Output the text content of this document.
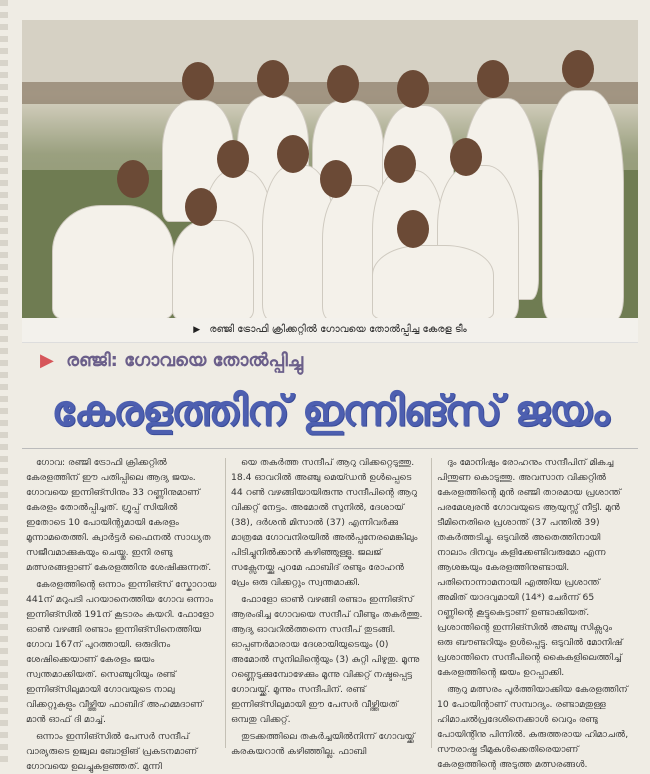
▶ രഞ്ജി ട്രോഫി ക്രിക്കറ്റിൽ ഗോവയെ തോൽപ്പിച്ച കേരള ടീം
▶ രഞ്ജി: ഗോവയെ തോൽപ്പിച്ചു
കേരളത്തിന് ഇന്നിങ്സ് ജയം

ഗോവ: രഞ്ജി ട്രോഫി ക്രിക്കറ്റിൽ കേരളത്തിന് ഈ പതിപ്പിലെ ആദ്യ ജയം. ഗോവയെ ഇന്നിങ്സിനും 33 റണ്ണിനുമാണ് കേരളം തോൽപ്പിച്ചത്. ഗ്രൂപ്പ് സിയിൽ ഇതോടെ 10 പോയിന്റുമായി കേരളം മൂന്നാമതെത്തി. ക്വാർട്ടർ ഫൈനൽ സാധ്യത സജീവമാക്കുകയും ചെയ്തു. ഇനി രണ്ടു മത്സരങ്ങളാണ് കേരളത്തിനു ശേഷിക്കുന്നത്.

കേരളത്തിന്റെ ഒന്നാം ഇന്നിങ്സ് സ്കോറായ 441ന് മറുപടി പറയാനെത്തിയ ഗോവ ഒന്നാം ഇന്നിങ്സിൽ 191ന് കൂടാരം കയറി. ഫോളോ ഓൺ വഴങ്ങി രണ്ടാം ഇന്നിങ്സിനെത്തിയ ഗോവ 167ന് പുറത്തായി. ഒരുദിനം ശേഷിക്കെയാണ് കേരളം ജയം സ്വന്തമാക്കിയത്. സെഞ്ചുറിയും രണ്ട് ഇന്നിങ്സിലുമായി ഗോവയുടെ നാലു വിക്കറ്റുകളും വീഴ്ത്തിയ ഫാബിദ് അഹമ്മദാണ് മാൻ ഓഫ് ദി മാച്ച്.

ഒന്നാം ഇന്നിങ്സിൽ പേസർ സന്ദീപ് വാര്യരുടെ ഉജ്വല ബോളിങ് പ്രകടനമാണ് ഗോവയെ ഉലച്ചുകളഞ്ഞത്. മുന്നി

യെ തകർത്ത സന്ദീപ് ആറു വിക്കറ്റെടുത്തു. 18.4 ഓവറിൽ അഞ്ചു മെയ്ഡൻ ഉൾപ്പെടെ 44 റൺ വഴങ്ങിയായിരുന്നു സന്ദീപിന്റെ ആറു വിക്കറ്റ് നേട്ടം. അമോൽ സുനിൽ, ദേശായ് (38), ദർശൻ മിസാൽ (37) എന്നിവർക്കു മാത്രമേ ഗോവനിരയിൽ അൽപ്പനേരമെങ്കിലും പിടിച്ചുനിൽക്കാൻ കഴിഞ്ഞുള്ളൂ. ജലജ് സക്സേനയ്ക്കു പുറമേ ഫാബിദ് രണ്ടും രോഹൻ പ്രേം ഒരു വിക്കറ്റും സ്വന്തമാക്കി.

ഫോളോ ഓൺ വഴങ്ങി രണ്ടാം ഇന്നിങ്സ് ആരംഭിച്ച ഗോവയെ സന്ദീപ് വീണ്ടും തകർത്തു. ആദ്യ ഓവറിൽത്തന്നെ സന്ദീപ് തുടങ്ങി. ഓപ്പണർമാരായ ദേശായിയുടെയും (0) അമോൽ സുനിലിന്റെയും (3) കുറ്റി പിഴുതു. മൂന്നു റണ്ണെടുക്കുമ്പോഴേക്കും മൂന്നു വിക്കറ്റ് നഷ്ടപ്പെട്ട ഗോവയ്ക്ക്. മൂന്നും സന്ദീപിന്. രണ്ട് ഇന്നിങ്സിലുമായി ഈ പേസർ വീഴ്ത്തിയത് ഒമ്പതു വിക്കറ്റ്.

തുടക്കത്തിലെ തകർച്ചയിൽനിന്ന് ഗോവയ്ക്ക് കരകയറാൻ കഴിഞ്ഞില്ല. ഫാബി

ദും മോനിഷും രോഹനും സന്ദീപിന് മികച്ച പിന്തുണ കൊടുത്തു. അവസാന വിക്കറ്റിൽ കേരളത്തിന്റെ മുൻ രഞ്ജി താരമായ പ്രശാന്ത് പരമേശ്വരൻ ഗോവയുടെ ആയുസ്സ് നീട്ടി. മുൻ ടീമിനെതിരെ പ്രശാന്ത് (37 പന്തിൽ 39) തകർത്തടിച്ചു. ഒടുവിൽ അതെത്തിനായി നാലാം ദിനവും കളിക്കേണ്ടിവരുമോ എന്ന ആശങ്കയും കേരളത്തിനുണ്ടായി. പതിനൊന്നാമനായി എത്തിയ പ്രശാന്ത് അമിത് യാദവുമായി (14*) ചേർന്ന് 65 റണ്ണിന്റെ കൂട്ടുകെട്ടാണ് ഉണ്ടാക്കിയത്. പ്രശാന്തിന്റെ ഇന്നിങ്സിൽ അഞ്ചു സിക്സറും ഒരു ബൗണ്ടറിയും ഉൾപ്പെട്ടു. ഒടുവിൽ മോനിഷ് പ്രശാന്തിനെ സന്ദീപിന്റെ കൈകളിലെത്തിച്ച് കേരളത്തിന്റെ ജയം ഉറപ്പാക്കി.

ആറു മത്സരം പൂർത്തിയാക്കിയ കേരളത്തിന് 10 പോയിന്റാണ് സമ്പാദ്യം. രണ്ടാമതുള്ള ഹിമാചൽപ്രദേശിനെക്കാൾ വെറും രണ്ടു പോയിന്റിനു പിന്നിൽ. കരുത്തരായ ഹിമാചൽ, സൗരാഷ്ട്ര ടീമുകൾക്കെതിരെയാണ് കേരളത്തിന്റെ അടുത്ത മത്സരങ്ങൾ.
